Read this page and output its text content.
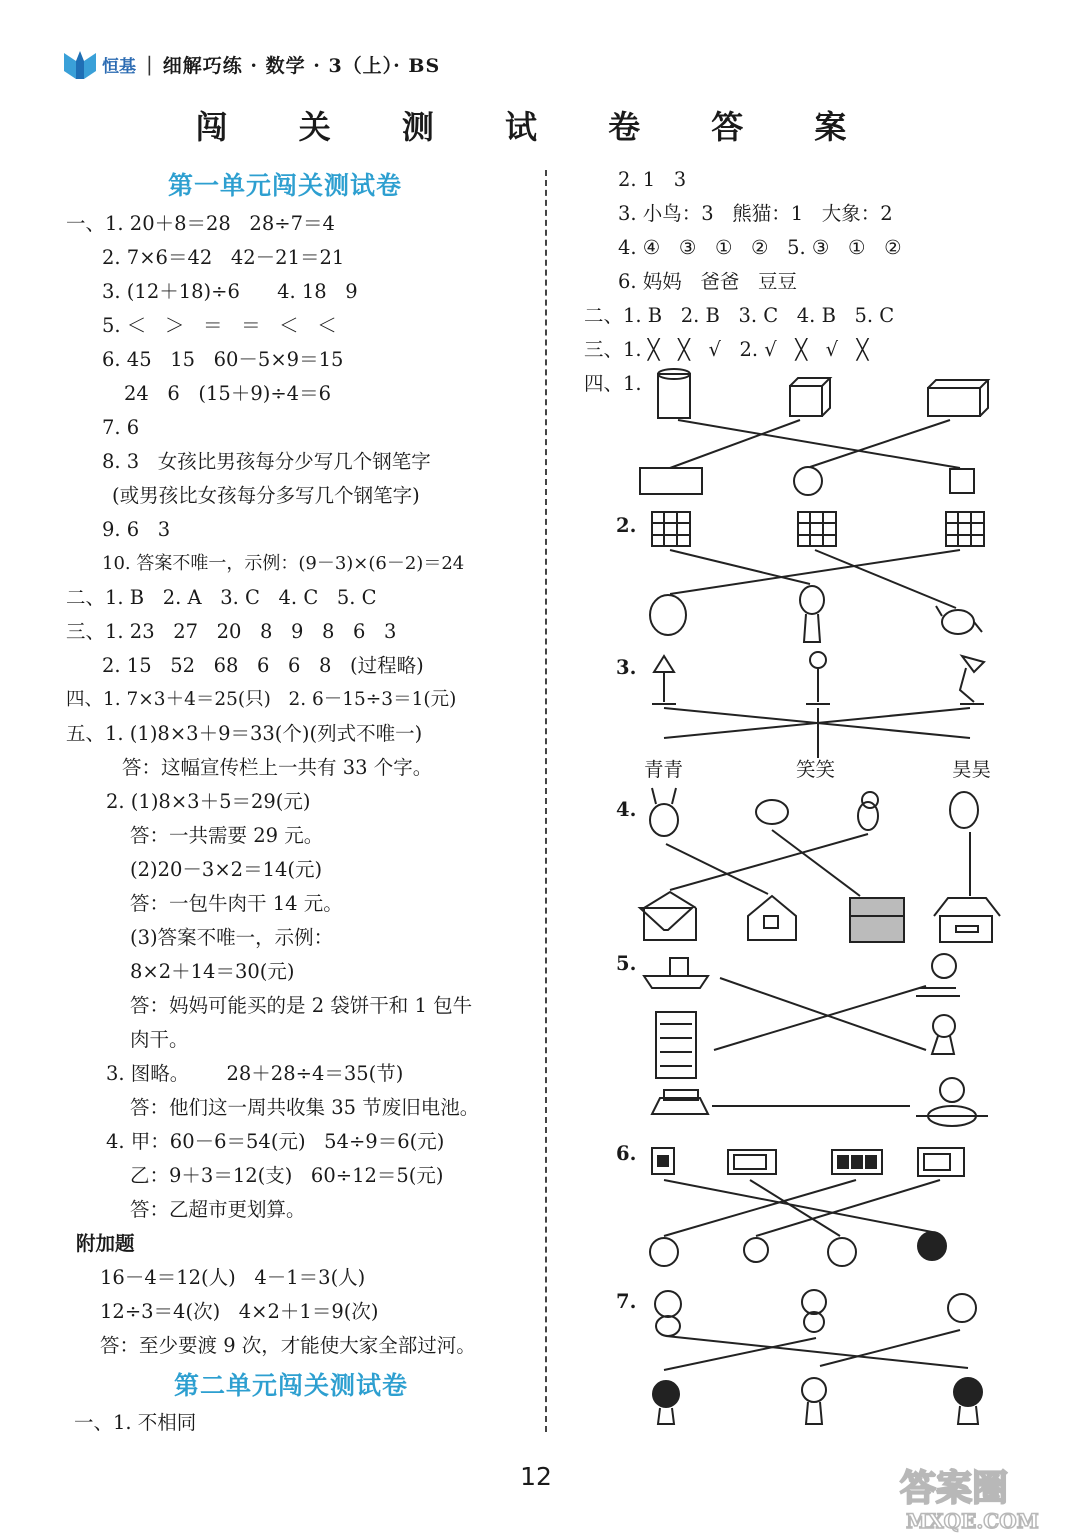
恒基 | 细解巧练 · 数学 · 3（上）· BS
闯 关 测 试 卷 答 案
第一单元闯关测试卷
一、1. 20＋8＝28   28÷7＝4
2. 7×6＝42   42－21＝21
3. (12＋18)÷6      4. 18   9
5. ＜   ＞   ＝   ＝   ＜   ＜
6. 45   15   60－5×9＝15
24   6   (15＋9)÷4＝6
7. 6
8. 3   女孩比男孩每分少写几个钢笔字
(或男孩比女孩每分多写几个钢笔字)
9. 6   3
10. 答案不唯一，示例：(9－3)×(6－2)＝24
二、1. B   2. A   3. C   4. C   5. C
三、1. 23   27   20   8   9   8   6   3
2. 15   52   68   6   6   8   (过程略)
四、1. 7×3＋4＝25(只)   2. 6－15÷3＝1(元)
五、1. (1)8×3＋9＝33(个)(列式不唯一)
答：这幅宣传栏上一共有 33 个字。
2. (1)8×3＋5＝29(元)
答：一共需要 29 元。
(2)20－3×2＝14(元)
答：一包牛肉干 14 元。
(3)答案不唯一，示例：
8×2＋14＝30(元)
答：妈妈可能买的是 2 袋饼干和 1 包牛
肉干。
3. 图略。      28＋28÷4＝35(节)
答：他们这一周共收集 35 节废旧电池。
4. 甲：60－6＝54(元)   54÷9＝6(元)
乙：9＋3＝12(支)   60÷12＝5(元)
答：乙超市更划算。
附加题
16－4＝12(人)   4－1＝3(人)
12÷3＝4(次)   4×2＋1＝9(次)
答：至少要渡 9 次，才能使大家全部过河。
第二单元闯关测试卷
一、1. 不相同
2. 1   3
3. 小鸟：3   熊猫：1   大象：2
4. ④   ③   ①   ②   5. ③   ①   ②
6. 妈妈   爸爸   豆豆
二、1. B   2. B   3. C   4. B   5. C
三、1. ╳   ╳   √   2. √   ╳   √   ╳
四、1.
2.
3.
4.
5.
6.
7.
青青	笑笑	昊昊
12	答案圈
MXQE.COM
